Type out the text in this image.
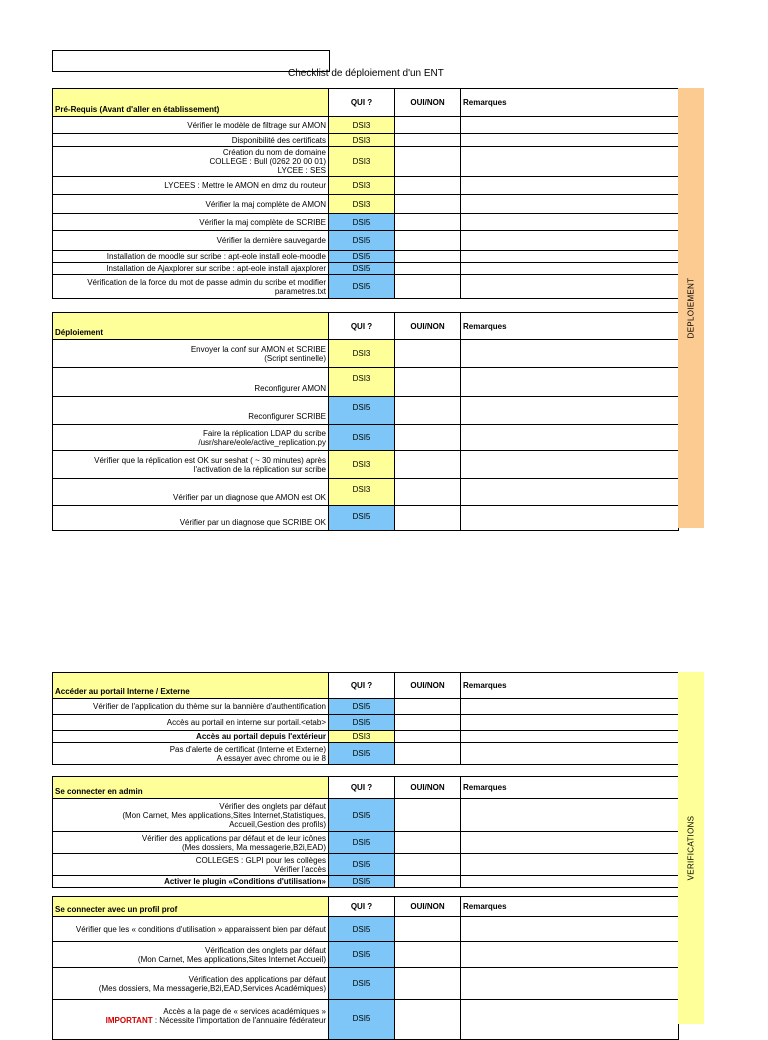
Checklist de déploiement d'un ENT
Pré-Requis (Avant d'aller en établissement)	QUI ?	OUI/NON	Remarques
Vérifier le modèle de filtrage sur AMON	DSI3		
Disponibilité des certificats	DSI3		
Création du nom de domaine
COLLEGE : Bull (0262 20 00 01)
LYCEE : SES	DSI3		
LYCEES : Mettre le AMON en dmz du routeur	DSI3		
Vérifier la maj complète de AMON	DSI3		
Vérifier la maj complète de SCRIBE	DSI5		
Vérifier la dernière sauvegarde	DSI5		
Installation de moodle sur scribe : apt-eole install eole-moodle	DSI5		
Installation de Ajaxplorer sur scribe : apt-eole install ajaxplorer	DSI5		
Vérification de la force du mot de passe admin du scribe et modifier parametres.txt	DSI5		
Déploiement	QUI ?	OUI/NON	Remarques
Envoyer la conf sur AMON et SCRIBE
(Script sentinelle)	DSI3		
Reconfigurer AMON	DSI3		
Reconfigurer SCRIBE	DSI5		
Faire la réplication LDAP du scribe
/usr/share/eole/active_replication.py	DSI5		
Vérifier que la réplication est OK sur seshat ( ~ 30 minutes) après l'activation de la réplication sur scribe	DSI3		
Vérifier par un diagnose que AMON est OK	DSI3		
Vérifier par un diagnose que SCRIBE OK	DSI5		
DEPLOIEMENT
Accéder au portail Interne / Externe	QUI ?	OUI/NON	Remarques
Vérifier de l'application du thème sur la bannière d'authentification	DSI5		
Accès au portail en interne sur portail.<etab>	DSI5		
Accès au portail depuis l'extérieur	DSI3		
Pas d'alerte de certificat (Interne et Externe)
A essayer avec chrome ou ie 8	DSI5		
Se connecter en admin	QUI ?	OUI/NON	Remarques
Vérifier des onglets par défaut
(Mon Carnet, Mes applications,Sites Internet,Statistiques,
Accueil,Gestion des profils)	DSI5		
Vérifier des applications par défaut et de leur icônes
(Mes dossiers, Ma messagerie,B2i,EAD)	DSI5		
COLLEGES : GLPI pour les collèges
Vérifier l'accès	DSI5		
Activer le plugin «Conditions d'utilisation»	DSI5		
Se connecter avec un profil prof	QUI ?	OUI/NON	Remarques
Vérifier que les « conditions d'utilisation » apparaissent bien par défaut	DSI5		
Vérification des onglets par défaut
(Mon Carnet, Mes applications,Sites Internet Accueil)	DSI5		
Vérification des applications par défaut
(Mes dossiers, Ma messagerie,B2i,EAD,Services Académiques)	DSI5		

Accès a la page de « services académiques »
IMPORTANT : Nécessite l'importation de l'annuaire fédérateur	DSI5		
VERIFICATIONS
